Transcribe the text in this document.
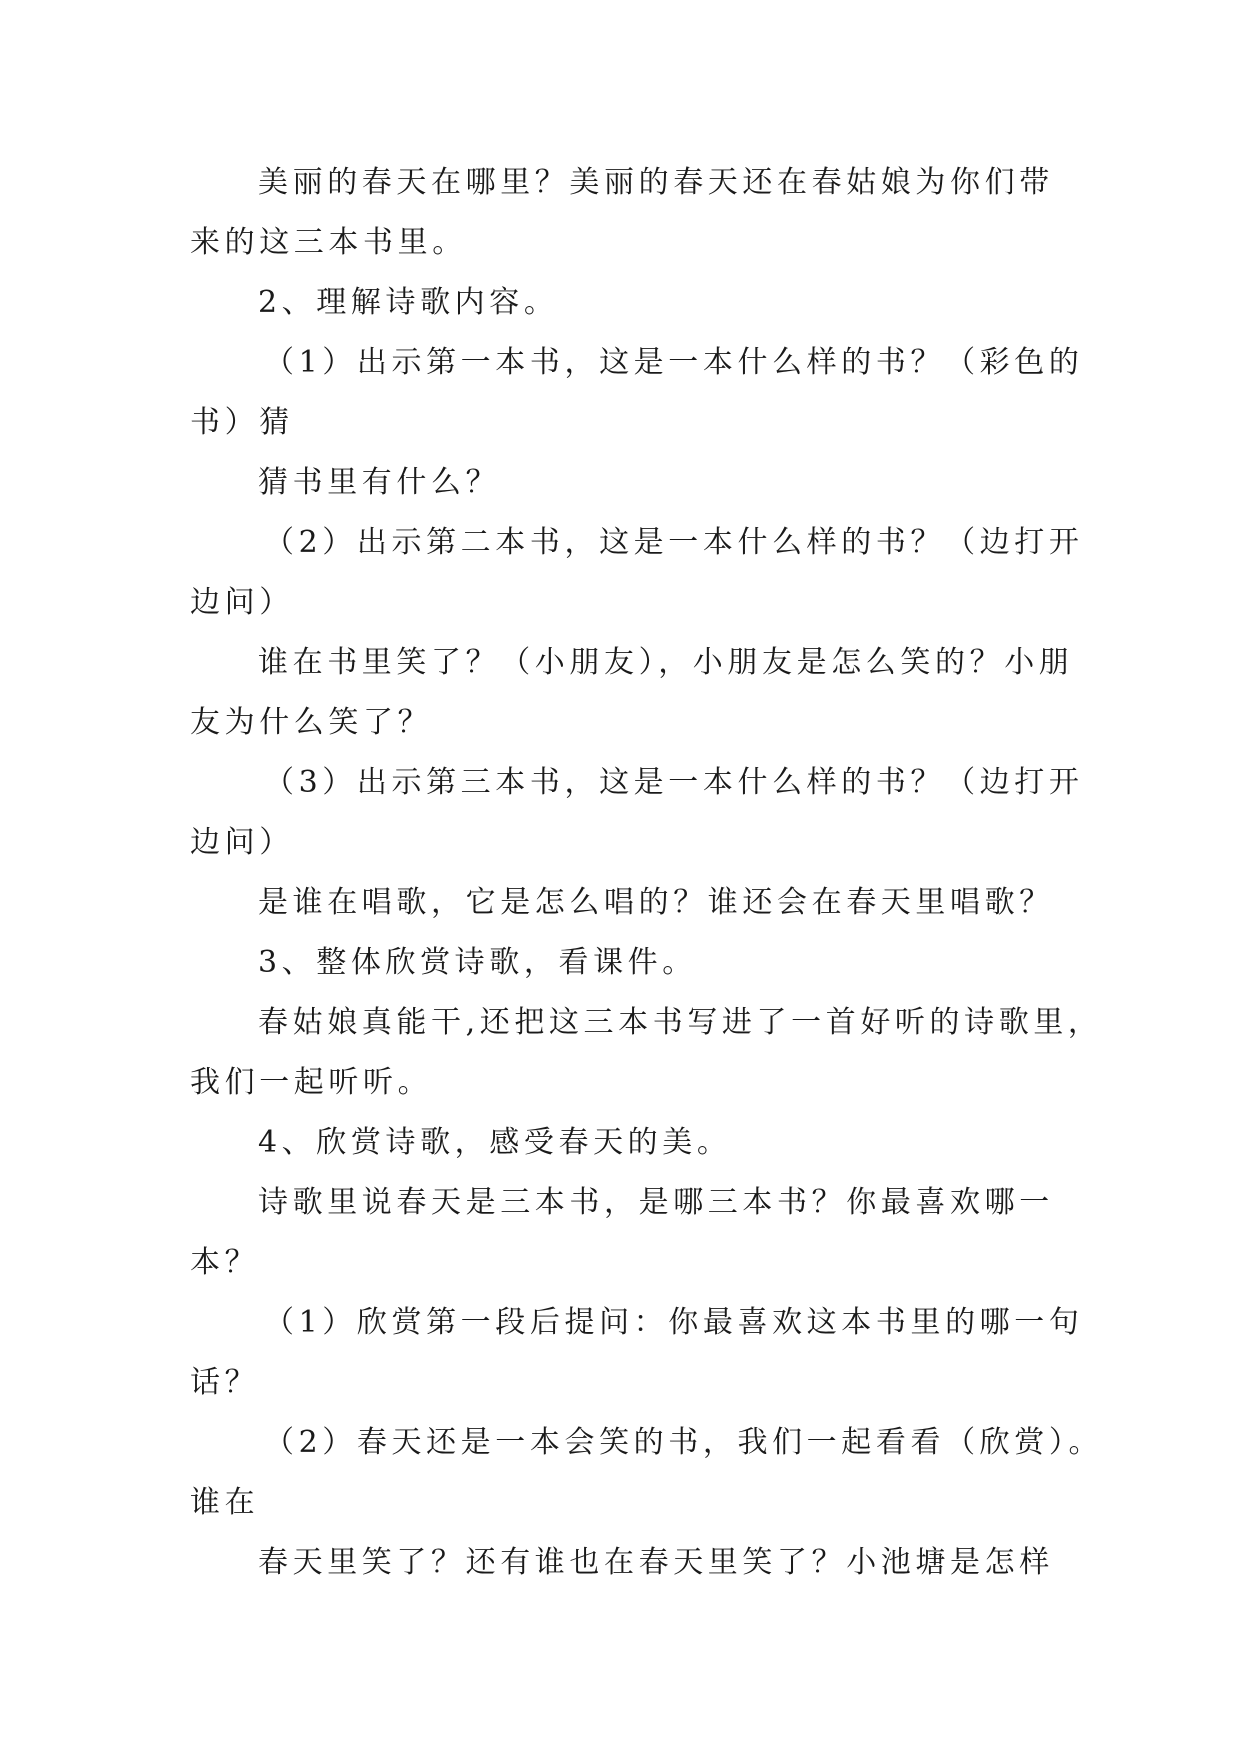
美丽的春天在哪里？美丽的春天还在春姑娘为你们带
来的这三本书里。
2、理解诗歌内容。
（1）出示第一本书，这是一本什么样的书？（彩色的
书）猜
猜书里有什么？
（2）出示第二本书，这是一本什么样的书？（边打开
边问）
谁在书里笑了？（小朋友），小朋友是怎么笑的？小朋
友为什么笑了？
（3）出示第三本书，这是一本什么样的书？（边打开
边问）
是谁在唱歌，它是怎么唱的？谁还会在春天里唱歌？
3、整体欣赏诗歌，看课件。
春姑娘真能干,还把这三本书写进了一首好听的诗歌里，
我们一起听听。
4、欣赏诗歌，感受春天的美。
诗歌里说春天是三本书，是哪三本书？你最喜欢哪一
本？
（1）欣赏第一段后提问：你最喜欢这本书里的哪一句
话？
（2）春天还是一本会笑的书，我们一起看看（欣赏）。
谁在
春天里笑了？还有谁也在春天里笑了？小池塘是怎样
